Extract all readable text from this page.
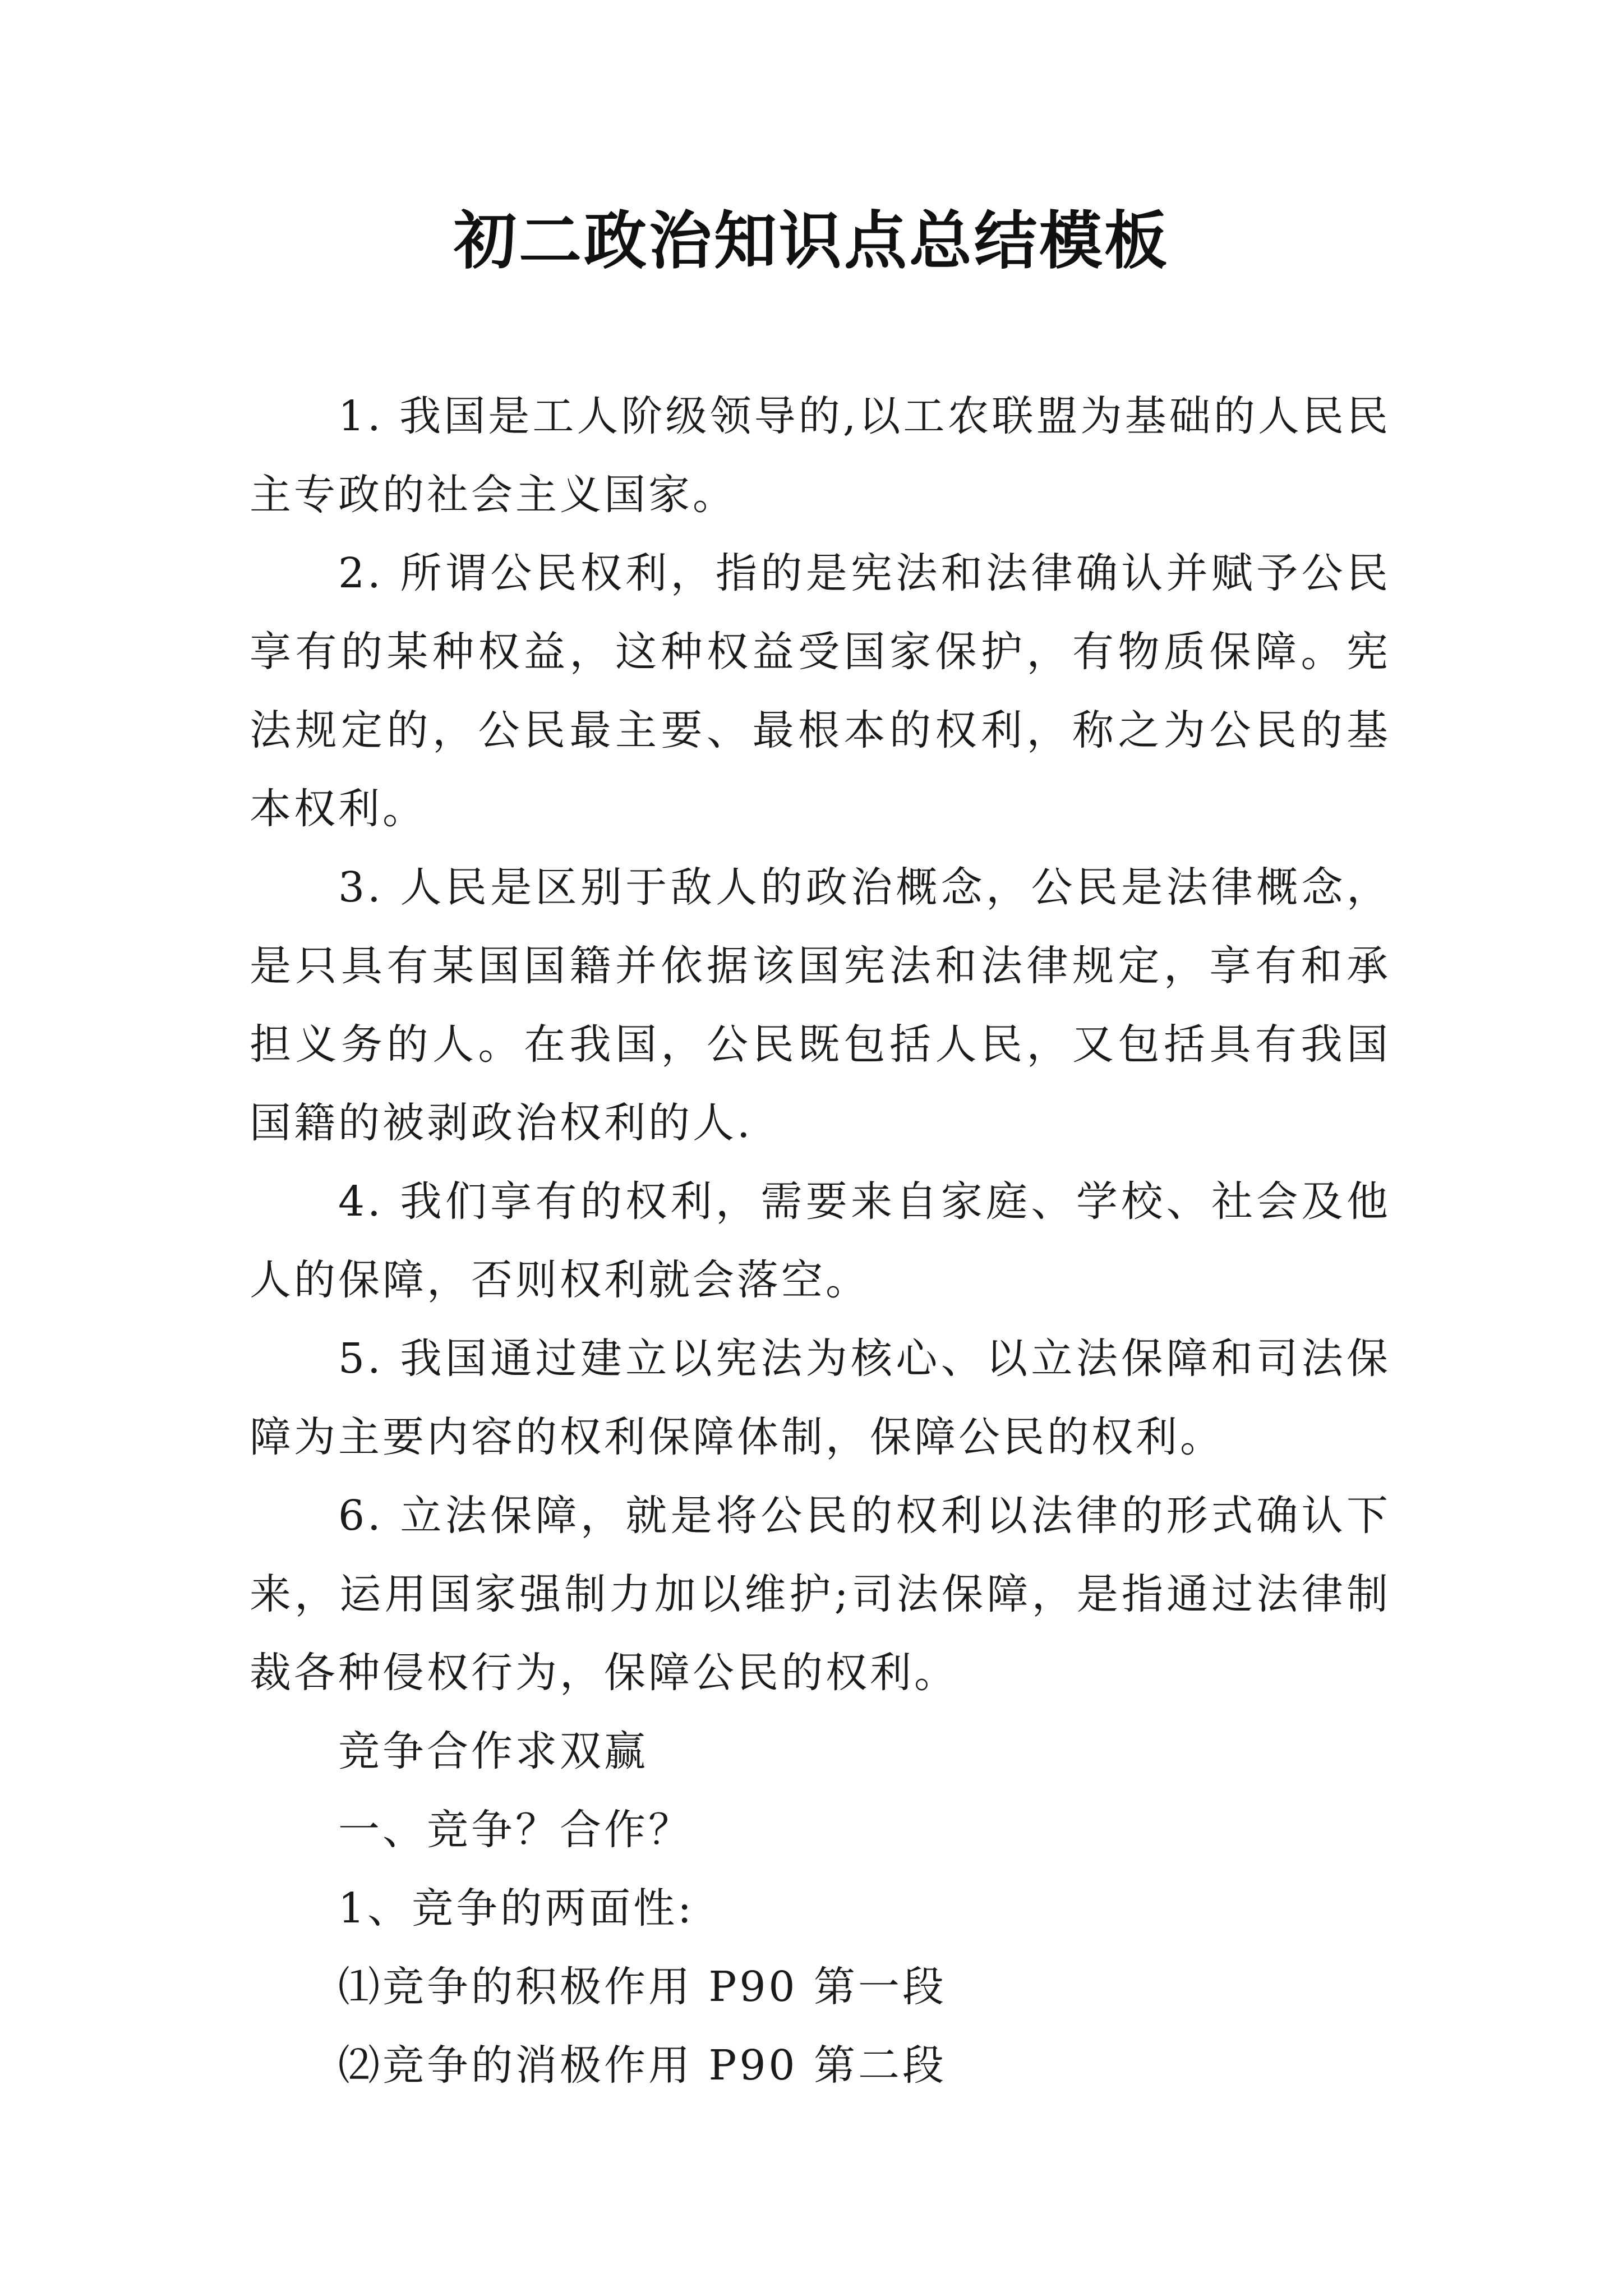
初二政治知识点总结模板

1. 我国是工人阶级领导的,以工农联盟为基础的人民民主专政的社会主义国家。

2. 所谓公民权利，指的是宪法和法律确认并赋予公民享有的某种权益，这种权益受国家保护，有物质保障。宪法规定的，公民最主要、最根本的权利，称之为公民的基本权利。

3. 人民是区别于敌人的政治概念，公民是法律概念，是只具有某国国籍并依据该国宪法和法律规定，享有和承担义务的人。在我国，公民既包括人民，又包括具有我国国籍的被剥政治权利的人.

4. 我们享有的权利，需要来自家庭、学校、社会及他人的保障，否则权利就会落空。

5. 我国通过建立以宪法为核心、以立法保障和司法保障为主要内容的权利保障体制，保障公民的权利。

6. 立法保障，就是将公民的权利以法律的形式确认下来，运用国家强制力加以维护;司法保障，是指通过法律制裁各种侵权行为，保障公民的权利。

竞争合作求双赢

一、竞争？合作？

1、竞争的两面性:

⑴竞争的积极作用 P90 第一段

⑵竞争的消极作用 P90 第二段
